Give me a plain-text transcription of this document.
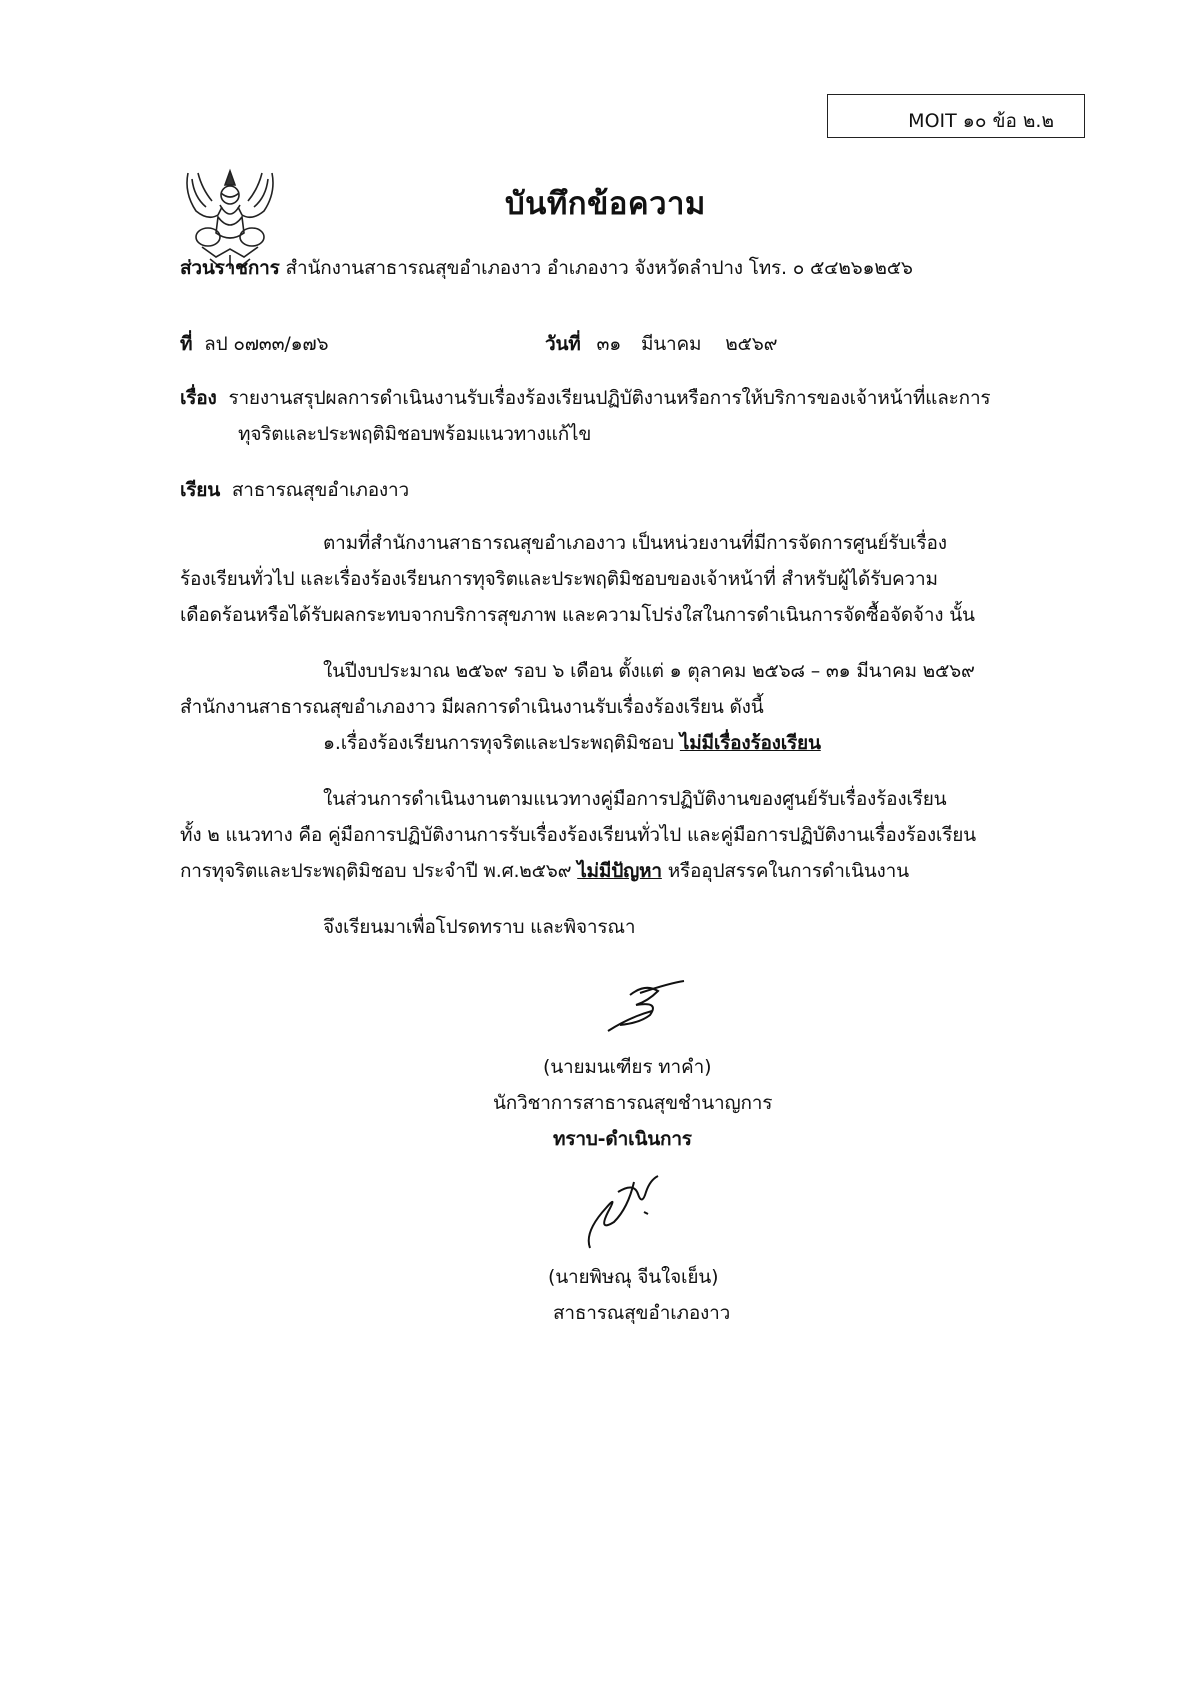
MOIT ๑๐ ข้อ ๒.๒
บันทึกข้อความ
ส่วนราชการ สำนักงานสาธารณสุขอำเภองาว อำเภองาว จังหวัดลำปาง โทร. ๐ ๕๔๒๖๑๒๕๖
ที่ ลป ๐๗๓๓/๑๗๖	วันที่ ๓๑ มีนาคม ๒๕๖๙
เรื่อง รายงานสรุปผลการดำเนินงานรับเรื่องร้องเรียนปฏิบัติงานหรือการให้บริการของเจ้าหน้าที่และการ
ทุจริตและประพฤติมิชอบพร้อมแนวทางแก้ไข
เรียน สาธารณสุขอำเภองาว
ตามที่สำนักงานสาธารณสุขอำเภองาว เป็นหน่วยงานที่มีการจัดการศูนย์รับเรื่อง
ร้องเรียนทั่วไป และเรื่องร้องเรียนการทุจริตและประพฤติมิชอบของเจ้าหน้าที่ สำหรับผู้ได้รับความ
เดือดร้อนหรือได้รับผลกระทบจากบริการสุขภาพ และความโปร่งใสในการดำเนินการจัดซื้อจัดจ้าง นั้น
ในปีงบประมาณ ๒๕๖๙ รอบ ๖ เดือน ตั้งแต่ ๑ ตุลาคม ๒๕๖๘ – ๓๑ มีนาคม ๒๕๖๙
สำนักงานสาธารณสุขอำเภองาว มีผลการดำเนินงานรับเรื่องร้องเรียน ดังนี้
๑.เรื่องร้องเรียนการทุจริตและประพฤติมิชอบ ไม่มีเรื่องร้องเรียน
ในส่วนการดำเนินงานตามแนวทางคู่มือการปฏิบัติงานของศูนย์รับเรื่องร้องเรียน
ทั้ง ๒ แนวทาง คือ คู่มือการปฏิบัติงานการรับเรื่องร้องเรียนทั่วไป และคู่มือการปฏิบัติงานเรื่องร้องเรียน
การทุจริตและประพฤติมิชอบ ประจำปี พ.ศ.๒๕๖๙ ไม่มีปัญหา หรืออุปสรรคในการดำเนินงาน
จึงเรียนมาเพื่อโปรดทราบ และพิจารณา
(นายมนเฑียร ทาคำ)
นักวิชาการสาธารณสุขชำนาญการ
ทราบ-ดำเนินการ
(นายพิษณุ จีนใจเย็น)
สาธารณสุขอำเภองาว
